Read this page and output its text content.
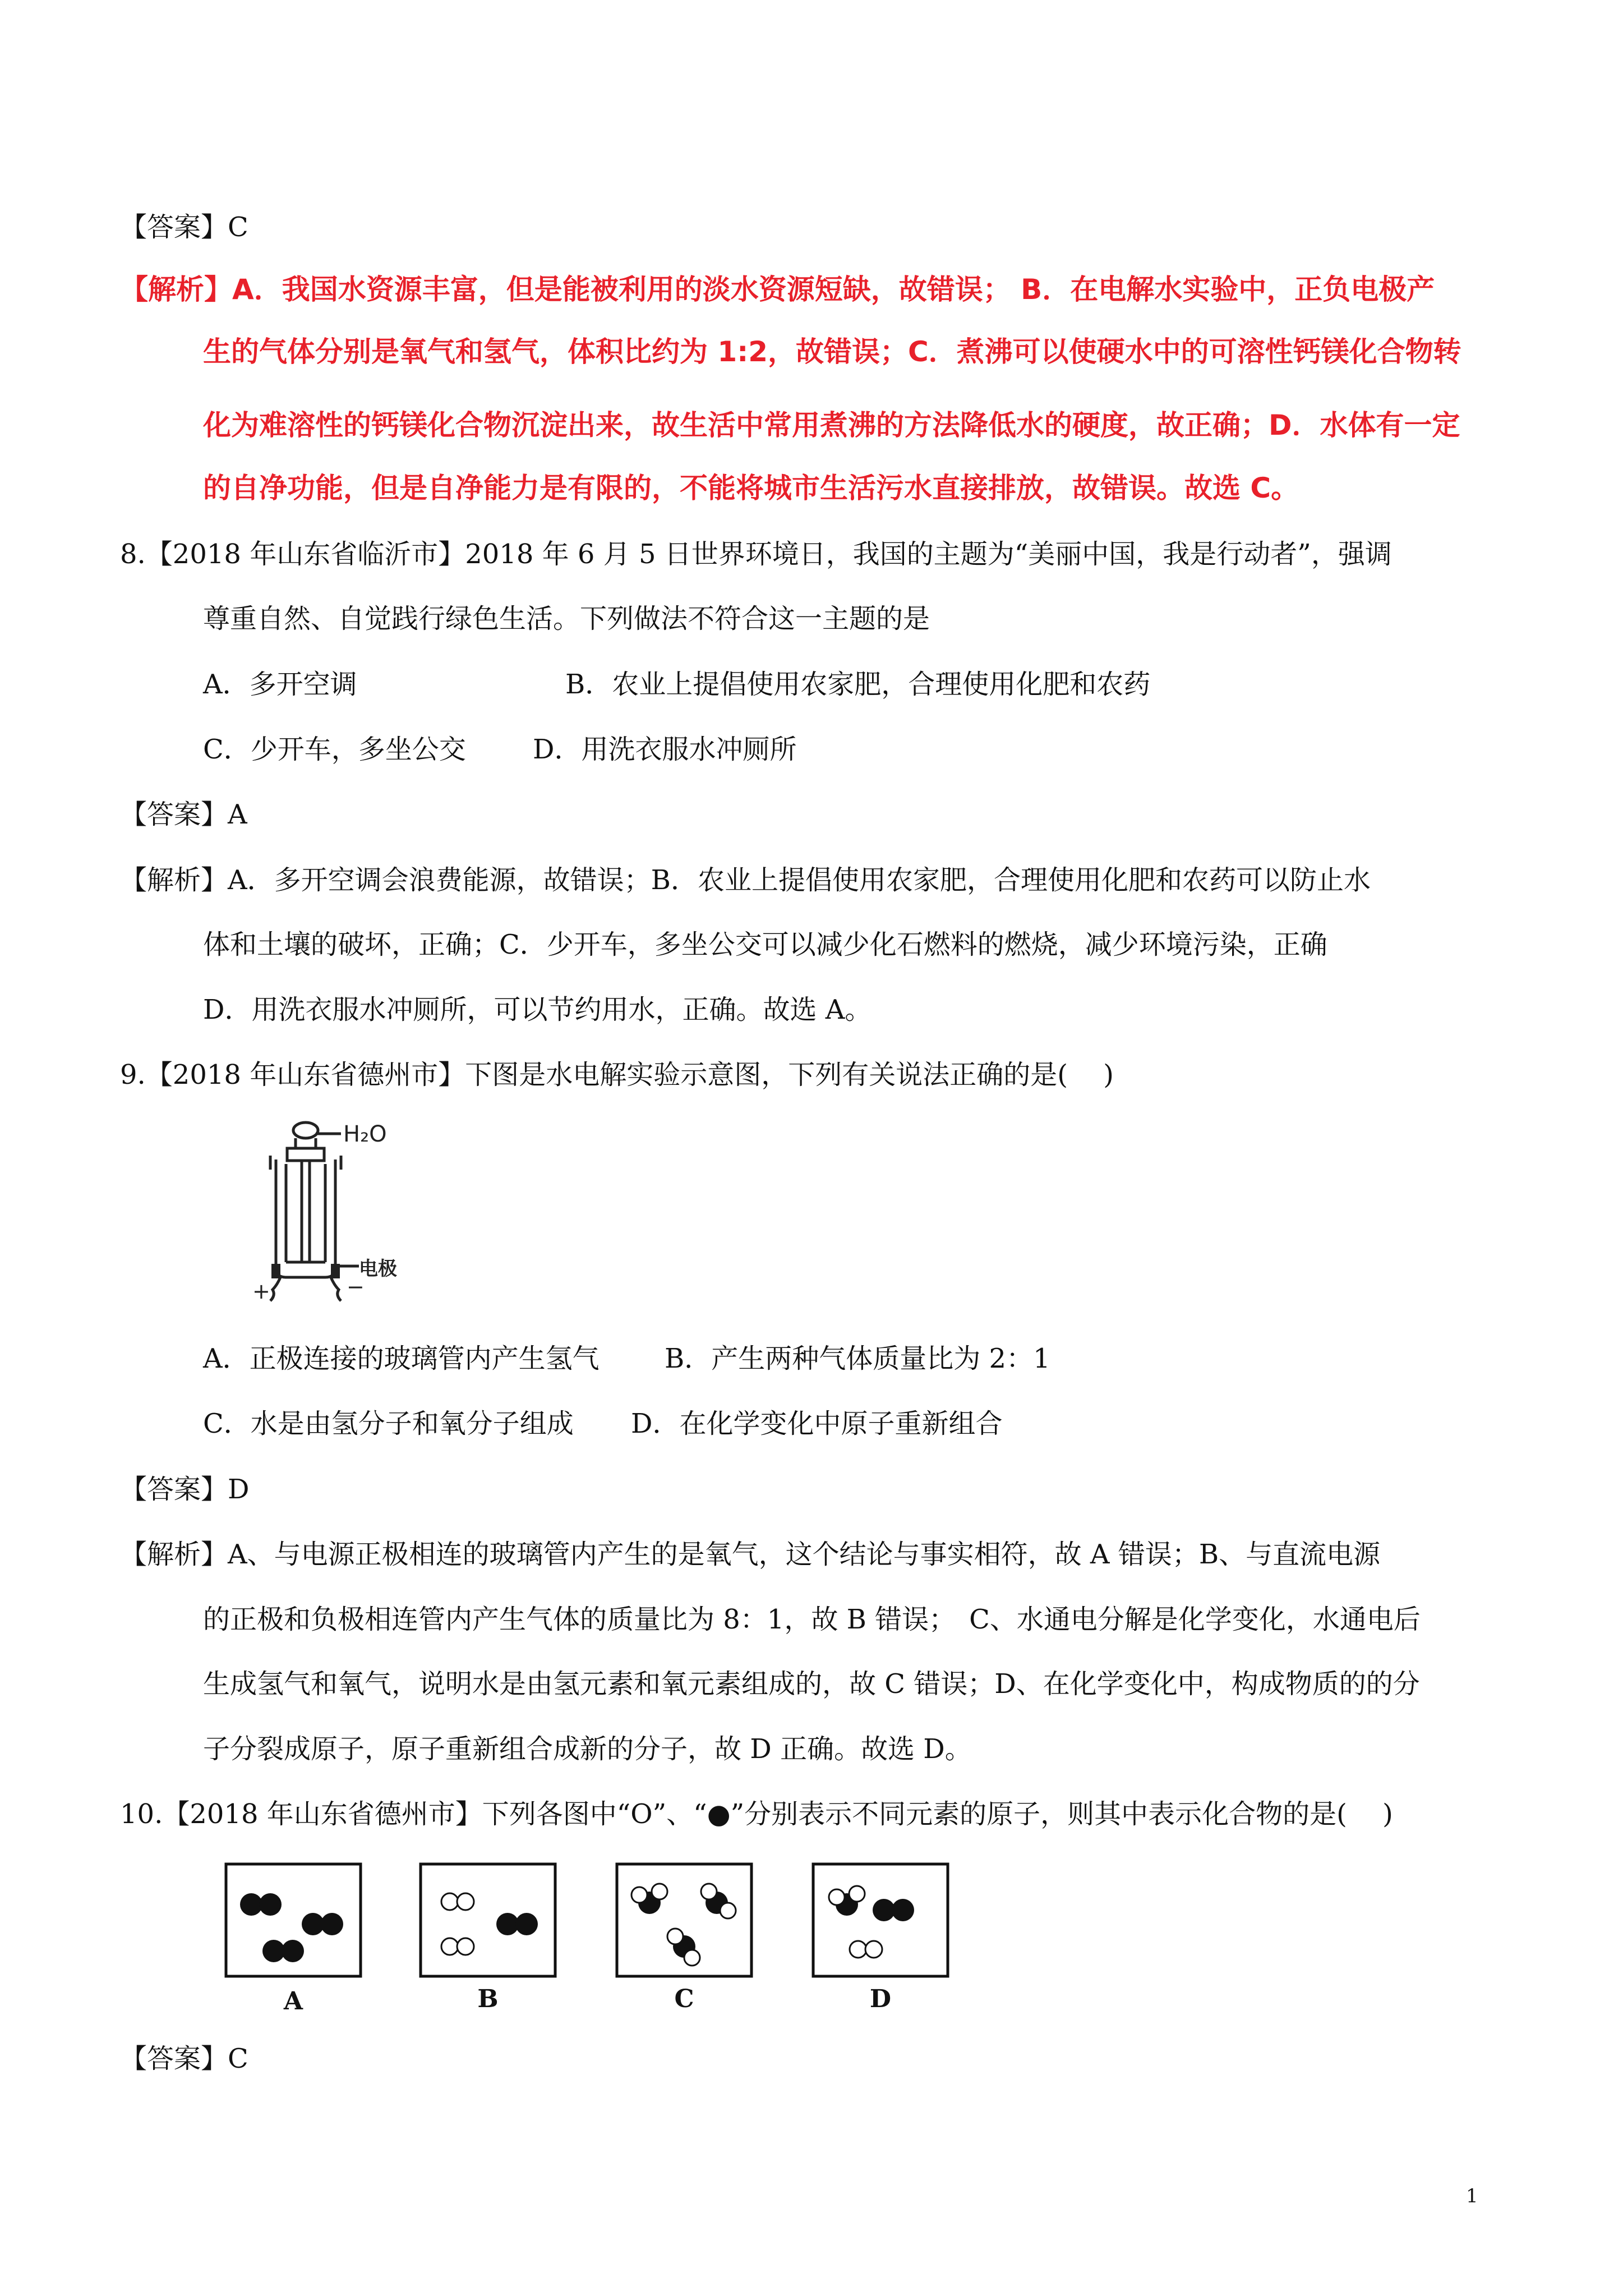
【答案】C
【解析】A．我国水资源丰富，但是能被利用的淡水资源短缺，故错误； B．在电解水实验中，正负电极产
生的气体分别是氧气和氢气，体积比约为 1:2，故错误；C．煮沸可以使硬水中的可溶性钙镁化合物转
化为难溶性的钙镁化合物沉淀出来，故生活中常用煮沸的方法降低水的硬度，故正确；D．水体有一定
的自净功能，但是自净能力是有限的，不能将城市生活污水直接排放，故错误。故选 C。
8.【2018 年山东省临沂市】2018 年 6 月 5 日世界环境日，我国的主题为“美丽中国，我是行动者”，强调
尊重自然、自觉践行绿色生活。下列做法不符合这一主题的是
A．多开空调	B．农业上提倡使用农家肥，合理使用化肥和农药
C．少开车，多坐公交 D．用洗衣服水冲厕所
【答案】A
【解析】A．多开空调会浪费能源，故错误；B．农业上提倡使用农家肥，合理使用化肥和农药可以防止水
体和土壤的破坏，正确；C．少开车，多坐公交可以减少化石燃料的燃烧，减少环境污染，正确
D．用洗衣服水冲厕所，可以节约用水，正确。故选 A。
9.【2018 年山东省德州市】下图是水电解实验示意图，下列有关说法正确的是(　 )
H₂O
电极
+	−
A．正极连接的玻璃管内产生氢气 B．产生两种气体质量比为 2：1
C．水是由氢分子和氧分子组成 D．在化学变化中原子重新组合
【答案】D
【解析】A、与电源正极相连的玻璃管内产生的是氧气，这个结论与事实相符，故 A 错误；B、与直流电源
的正极和负极相连管内产生气体的质量比为 8：1，故 B 错误；　C、水通电分解是化学变化，水通电后
生成氢气和氧气，说明水是由氢元素和氧元素组成的，故 C 错误；D、在化学变化中，构成物质的的分
子分裂成原子，原子重新组合成新的分子，故 D 正确。故选 D。
10.【2018 年山东省德州市】下列各图中“O”、“●”分别表示不同元素的原子，则其中表示化合物的是(　 )
A	B	C	D
【答案】C
1
